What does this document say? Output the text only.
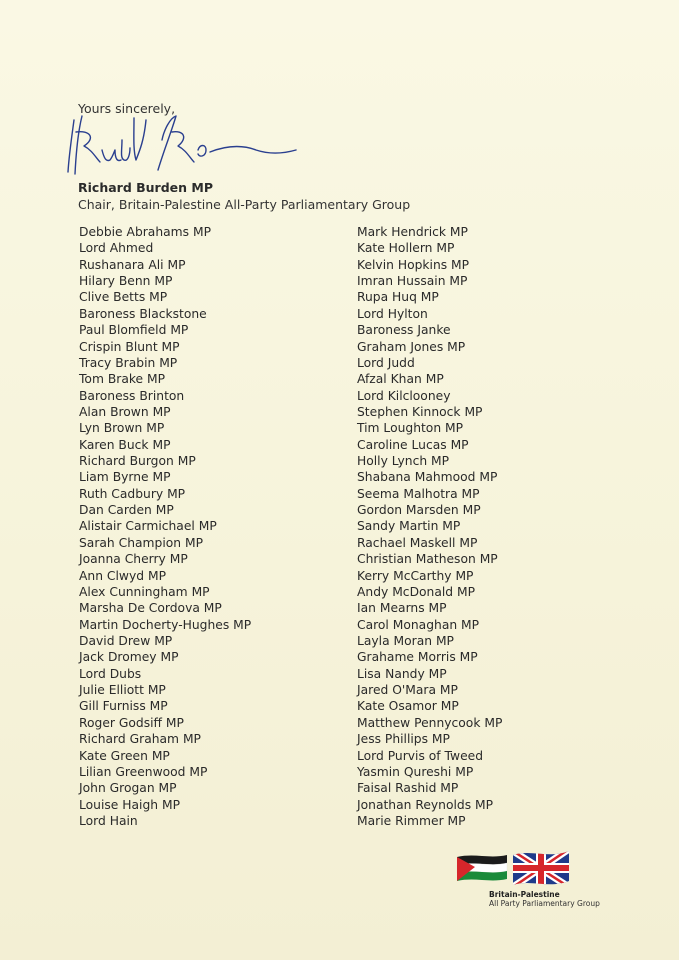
Yours sincerely,
Richard Burden MP
Chair, Britain-Palestine All-Party Parliamentary Group
Debbie Abrahams MP
Lord Ahmed
Rushanara Ali MP
Hilary Benn MP
Clive Betts MP
Baroness Blackstone
Paul Blomfield MP
Crispin Blunt MP
Tracy Brabin MP
Tom Brake MP
Baroness Brinton
Alan Brown MP
Lyn Brown MP
Karen Buck MP
Richard Burgon MP
Liam Byrne MP
Ruth Cadbury MP
Dan Carden MP
Alistair Carmichael MP
Sarah Champion MP
Joanna Cherry MP
Ann Clwyd MP
Alex Cunningham MP
Marsha De Cordova MP
Martin Docherty-Hughes MP
David Drew MP
Jack Dromey MP
Lord Dubs
Julie Elliott MP
Gill Furniss MP
Roger Godsiff MP
Richard Graham MP
Kate Green MP
Lilian Greenwood MP
John Grogan MP
Louise Haigh MP
Lord Hain
Mark Hendrick MP
Kate Hollern MP
Kelvin Hopkins MP
Imran Hussain MP
Rupa Huq MP
Lord Hylton
Baroness Janke
Graham Jones MP
Lord Judd
Afzal Khan MP
Lord Kilclooney
Stephen Kinnock MP
Tim Loughton MP
Caroline Lucas MP
Holly Lynch MP
Shabana Mahmood MP
Seema Malhotra MP
Gordon Marsden MP
Sandy Martin MP
Rachael Maskell MP
Christian Matheson MP
Kerry McCarthy MP
Andy McDonald MP
Ian Mearns MP
Carol Monaghan MP
Layla Moran MP
Grahame Morris MP
Lisa Nandy MP
Jared O'Mara MP
Kate Osamor MP
Matthew Pennycook MP
Jess Phillips MP
Lord Purvis of Tweed
Yasmin Qureshi MP
Faisal Rashid MP
Jonathan Reynolds MP
Marie Rimmer MP
Britain-Palestine
All Party Parliamentary Group
